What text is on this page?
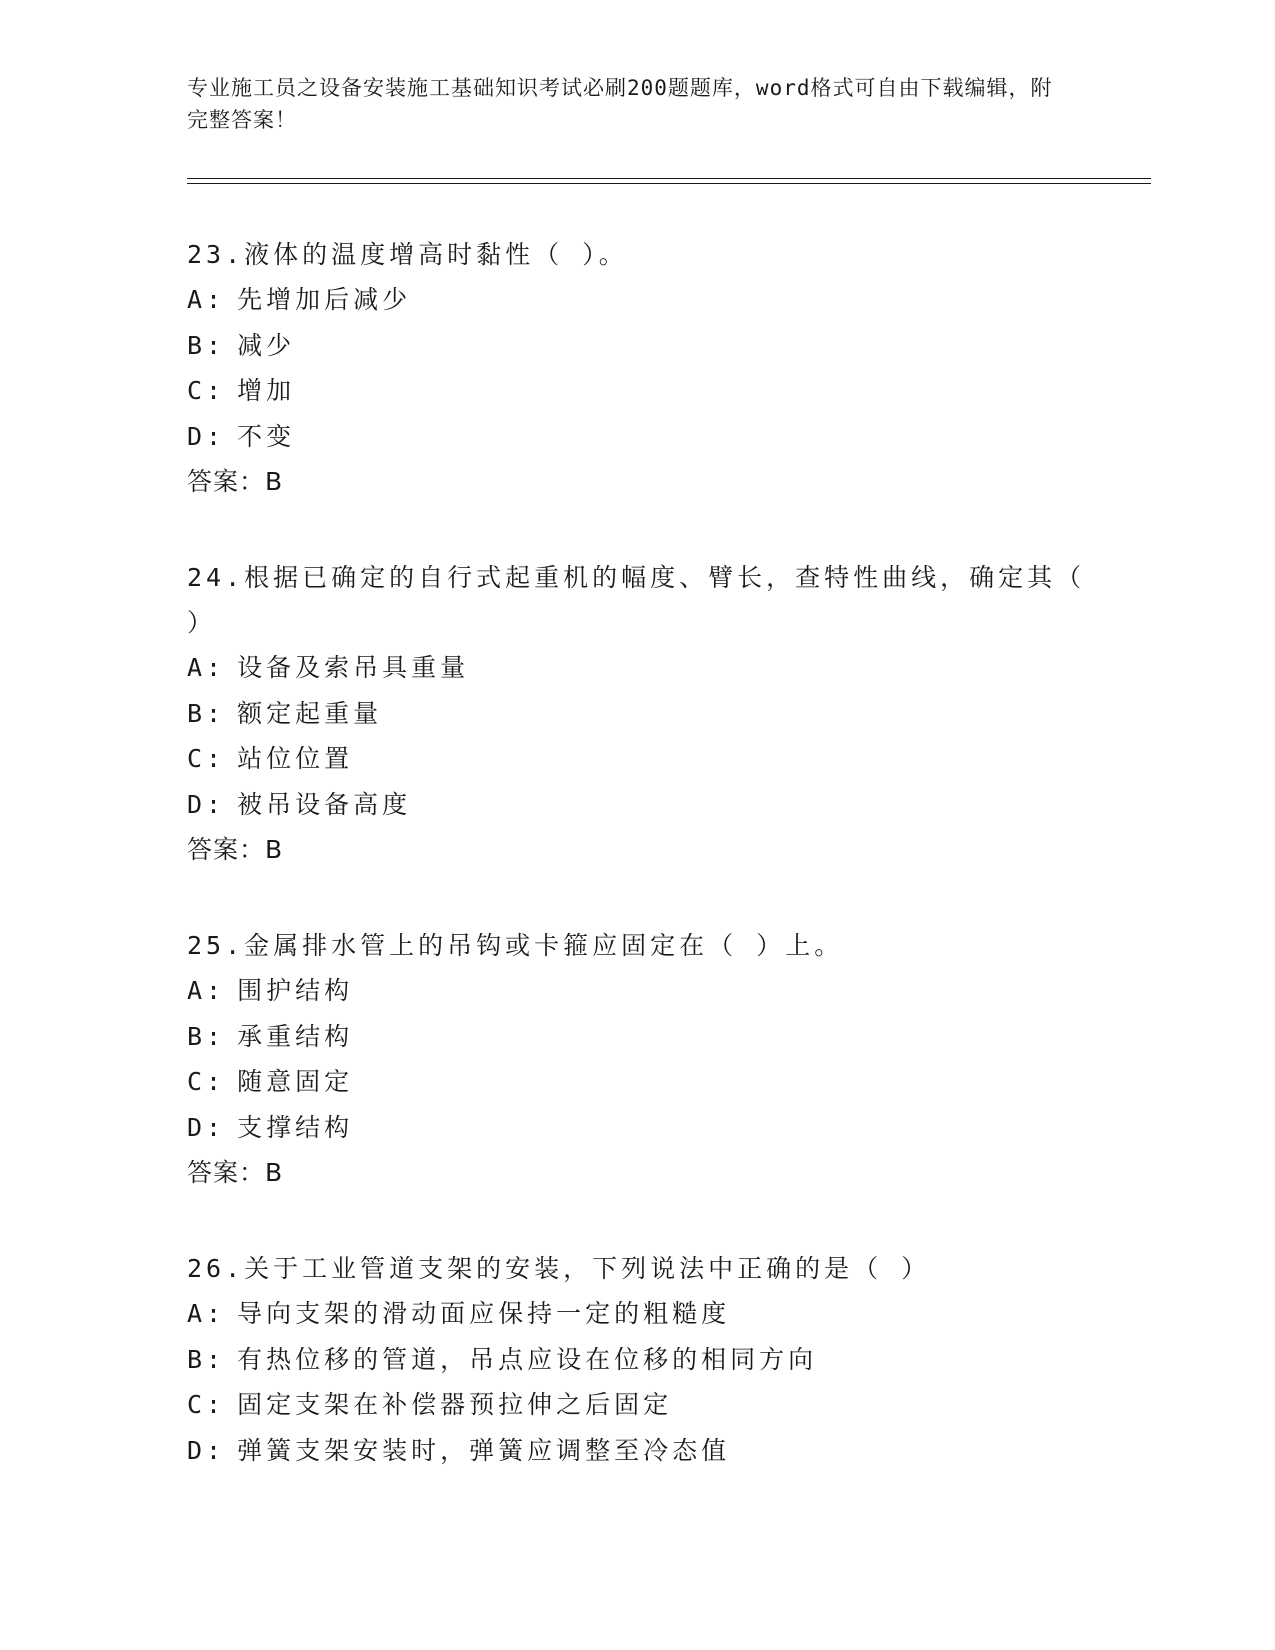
专业施工员之设备安装施工基础知识考试必刷200题题库，word格式可自由下载编辑，附完整答案！
23.液体的温度增高时黏性（ ）。
A: 先增加后减少
B: 减少
C: 增加
D: 不变
答案：B
24.根据已确定的自行式起重机的幅度、臂长，查特性曲线，确定其（ ）
A: 设备及索吊具重量
B: 额定起重量
C: 站位位置
D: 被吊设备高度
答案：B
25.金属排水管上的吊钩或卡箍应固定在（ ）上。
A: 围护结构
B: 承重结构
C: 随意固定
D: 支撑结构
答案：B
26.关于工业管道支架的安装，下列说法中正确的是（ ）
A: 导向支架的滑动面应保持一定的粗糙度
B: 有热位移的管道，吊点应设在位移的相同方向
C: 固定支架在补偿器预拉伸之后固定
D: 弹簧支架安装时，弹簧应调整至冷态值
